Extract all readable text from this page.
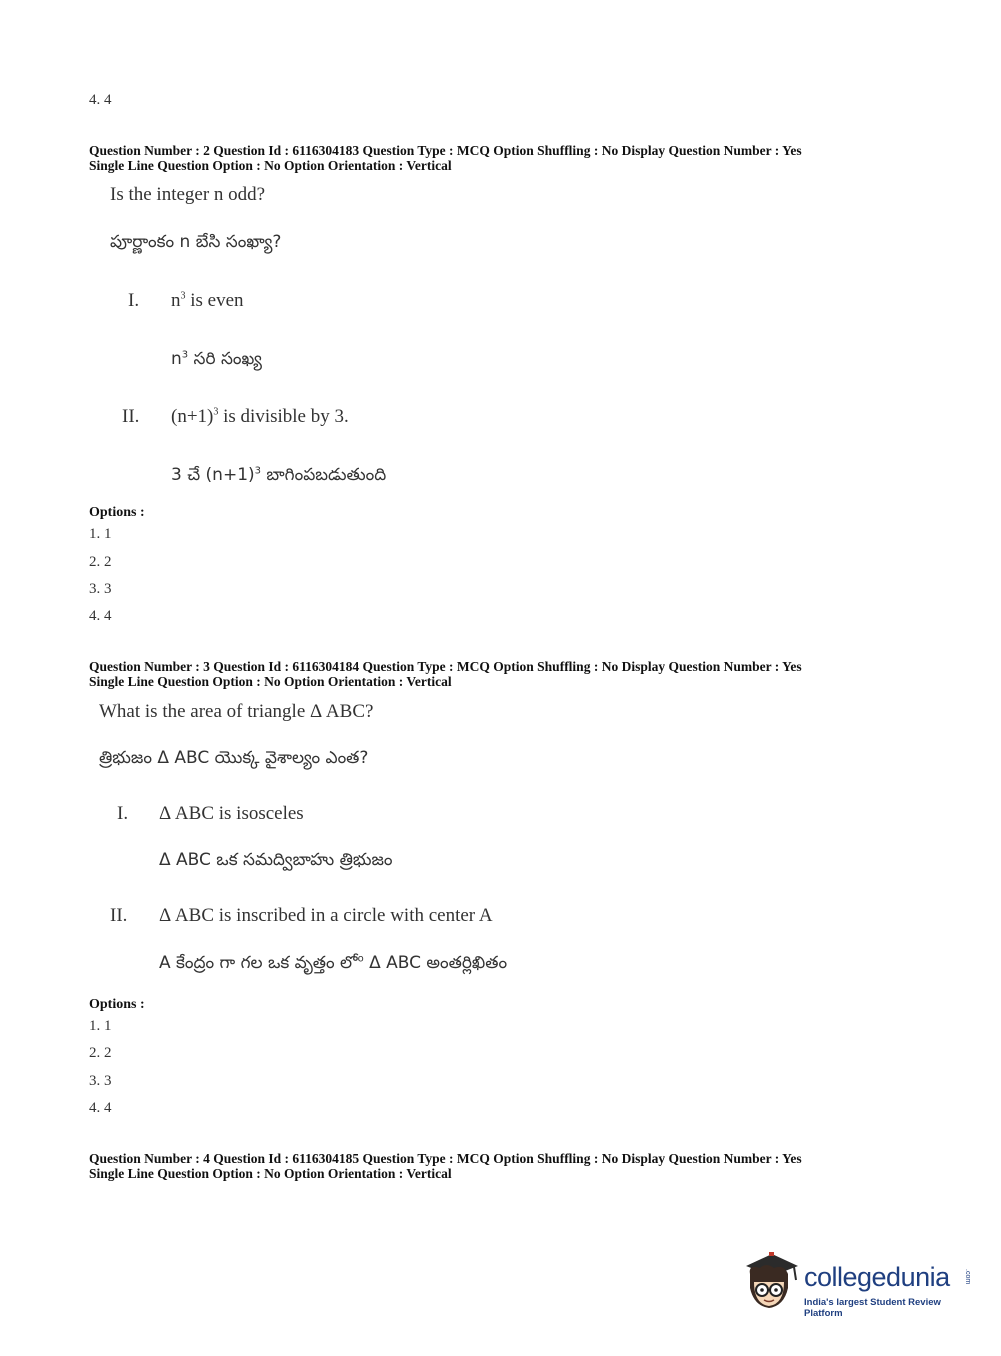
4. 4
Question Number : 2 Question Id : 6116304183 Question Type : MCQ Option Shuffling : No Display Question Number : Yes
Single Line Question Option : No Option Orientation : Vertical
Is the integer n odd?
పూర్ణాంకం n బేసి సంఖ్యా?
I. $n^3$ is even
$n^3$ సరి సంఖ్య
II. $(n+1)^3$ is divisible by 3.
3 చే $(n+1)^3$ బాగింపబడుతుంది
Options :
1. 1
2. 2
3. 3
4. 4
Question Number : 3 Question Id : 6116304184 Question Type : MCQ Option Shuffling : No Display Question Number : Yes
Single Line Question Option : No Option Orientation : Vertical
What is the area of triangle Δ ABC?
త్రిభుజం Δ ABC యొక్క వైశాల్యం ఎంత?
I. Δ ABC is isosceles
Δ ABC ఒక సమద్విబాహు త్రిభుజం
II. Δ ABC is inscribed in a circle with center A
A కేంద్రం గా గల ఒక వృత్తం లో$^o$ Δ ABC అంతర్లిఖితం
Options :
1. 1
2. 2
3. 3
4. 4
Question Number : 4 Question Id : 6116304185 Question Type : MCQ Option Shuffling : No Display Question Number : Yes
Single Line Question Option : No Option Orientation : Vertical
collegedunia .com
India's largest Student Review Platform
